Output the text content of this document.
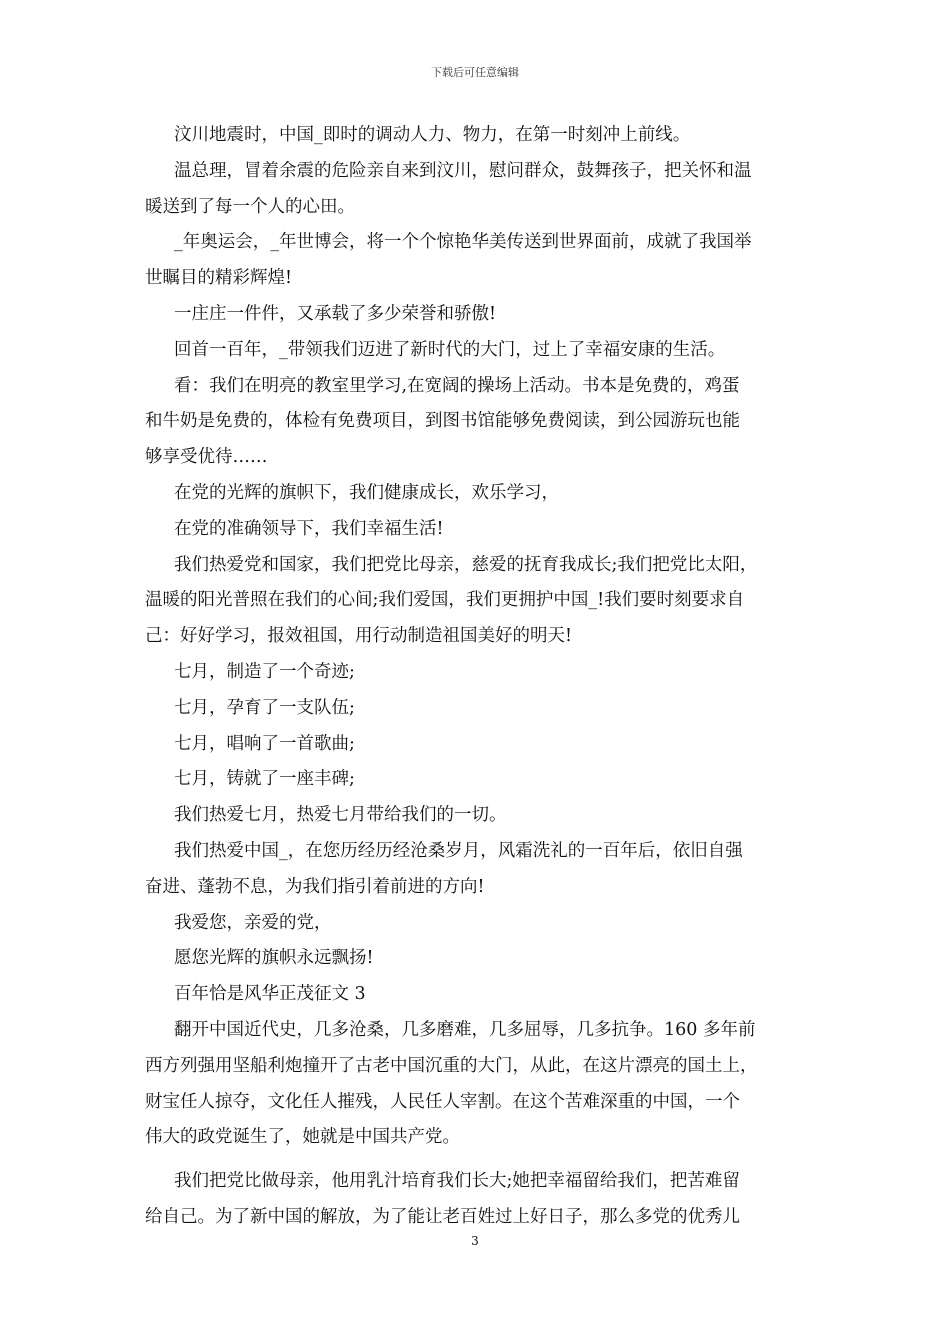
下载后可任意编辑
汶川地震时，中国_即时的调动人力、物力，在第一时刻冲上前线。
温总理，冒着余震的危险亲自来到汶川，慰问群众，鼓舞孩子，把关怀和温
暖送到了每一个人的心田。
_年奥运会，_年世博会，将一个个惊艳华美传送到世界面前，成就了我国举
世瞩目的精彩辉煌!
一庄庄一件件，又承载了多少荣誉和骄傲!
回首一百年，_带领我们迈进了新时代的大门，过上了幸福安康的生活。
看：我们在明亮的教室里学习,在宽阔的操场上活动。书本是免费的，鸡蛋
和牛奶是免费的，体检有免费项目，到图书馆能够免费阅读，到公园游玩也能
够享受优待……
在党的光辉的旗帜下，我们健康成长，欢乐学习，
在党的准确领导下，我们幸福生活!
我们热爱党和国家，我们把党比母亲，慈爱的抚育我成长;我们把党比太阳，
温暖的阳光普照在我们的心间;我们爱国，我们更拥护中国_!我们要时刻要求自
己：好好学习，报效祖国，用行动制造祖国美好的明天!
七月，制造了一个奇迹;
七月，孕育了一支队伍;
七月，唱响了一首歌曲;
七月，铸就了一座丰碑;
我们热爱七月，热爱七月带给我们的一切。
我们热爱中国_，在您历经历经沧桑岁月，风霜洗礼的一百年后，依旧自强
奋进、蓬勃不息，为我们指引着前进的方向!
我爱您，亲爱的党，
愿您光辉的旗帜永远飘扬!
百年恰是风华正茂征文 3
翻开中国近代史，几多沧桑，几多磨难，几多屈辱，几多抗争。160 多年前
西方列强用坚船利炮撞开了古老中国沉重的大门，从此，在这片漂亮的国土上，
财宝任人掠夺，文化任人摧残，人民任人宰割。在这个苦难深重的中国，一个
伟大的政党诞生了，她就是中国共产党。
我们把党比做母亲，他用乳汁培育我们长大;她把幸福留给我们，把苦难留
给自己。为了新中国的解放，为了能让老百姓过上好日子，那么多党的优秀儿
3
